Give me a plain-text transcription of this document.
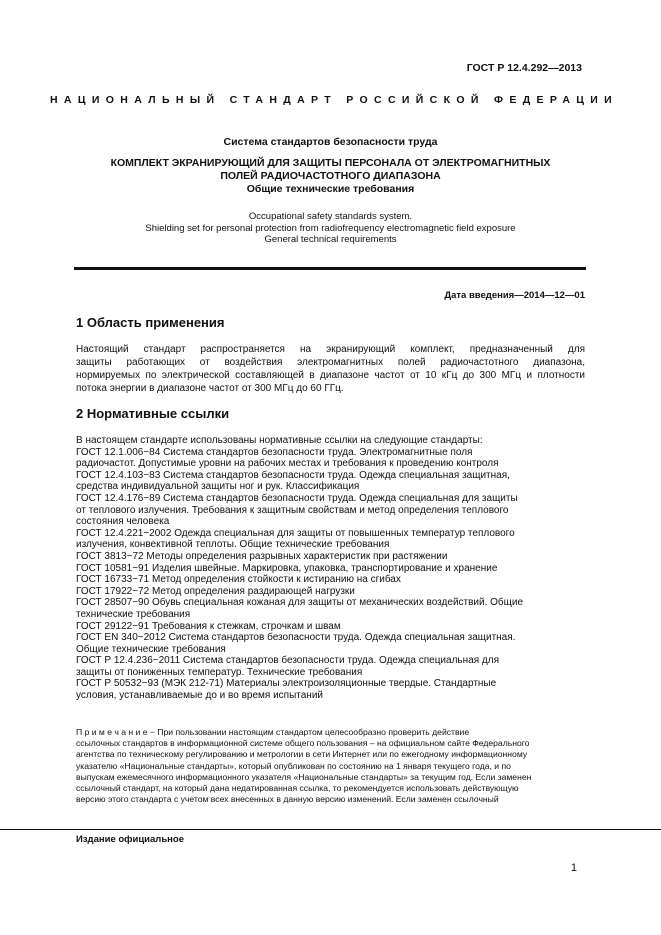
ГОСТ Р 12.4.292—2013
НАЦИОНАЛЬНЫЙ СТАНДАРТ РОССИЙСКОЙ ФЕДЕРАЦИИ
Система стандартов безопасности труда
КОМПЛЕКТ ЭКРАНИРУЮЩИЙ ДЛЯ ЗАЩИТЫ ПЕРСОНАЛА ОТ ЭЛЕКТРОМАГНИТНЫХ
ПОЛЕЙ РАДИОЧАСТОТНОГО ДИАПАЗОНА
Общие технические требования
Occupational safety standards system.
Shielding set for personal protection from radiofrequency electromagnetic field exposure
General technical requirements
Дата введения—2014—12—01
1 Область применения
Настоящий стандарт распространяется на экранирующий комплект, предназначенный для
защиты работающих от воздействия электромагнитных полей радиочастотного диапазона,
нормируемых по электрической составляющей в диапазоне частот от 10 кГц до 300 МГц и плотности
потока энергии в диапазоне частот от 300 МГц до 60 ГГц.
2 Нормативные ссылки
В настоящем стандарте использованы нормативные ссылки на следующие стандарты:
ГОСТ 12.1.006−84 Система стандартов безопасности труда. Электромагнитные поля
радиочастот. Допустимые уровни на рабочих местах и требования к проведению контроля
ГОСТ 12.4.103−83 Система стандартов безопасности труда. Одежда специальная защитная,
средства индивидуальной защиты ног и рук. Классификация
ГОСТ 12.4.176−89 Система стандартов безопасности труда. Одежда специальная для защиты
от теплового излучения. Требования к защитным свойствам и метод определения теплового
состояния человека
ГОСТ 12.4.221−2002 Одежда специальная для защиты от повышенных температур теплового
излучения, конвективной теплоты. Общие технические требования
ГОСТ 3813−72 Методы определения разрывных характеристик при растяжении
ГОСТ 10581−91 Изделия швейные. Маркировка, упаковка, транспортирование и хранение
ГОСТ 16733−71 Метод определения стойкости к истиранию на сгибах
ГОСТ 17922−72 Метод определения раздирающей нагрузки
ГОСТ 28507−90 Обувь специальная кожаная для защиты от механических воздействий. Общие
технические требования
ГОСТ 29122−91 Требования к стежкам, строчкам и швам
ГОСТ EN 340−2012 Система стандартов безопасности труда. Одежда специальная защитная.
Общие технические требования
ГОСТ Р 12.4.236−2011 Система стандартов безопасности труда. Одежда специальная для
защиты от пониженных температур. Технические требования
ГОСТ Р 50532−93 (МЭК 212-71) Материалы электроизоляционные твердые. Стандартные
условия, устанавливаемые до и во время испытаний
П р и м е ч а н и е − При пользовании настоящим стандартом целесообразно проверить действие
ссылочных стандартов в информационной системе общего пользования – на официальном сайте Федерального
агентства по техническому регулированию и метрологии в сети Интернет или по ежегодному информационному
указателю «Национальные стандарты», который опубликован по состоянию на 1 января текущего года, и по
выпускам ежемесячного информационного указателя «Национальные стандарты» за текущим год. Если заменен
ссылочный стандарт, на который дана недатированная ссылка, то рекомендуется использовать действующую
версию этого стандарта с учетом всех внесенных в данную версию изменений. Если заменен ссылочный
Издание официальное
1
